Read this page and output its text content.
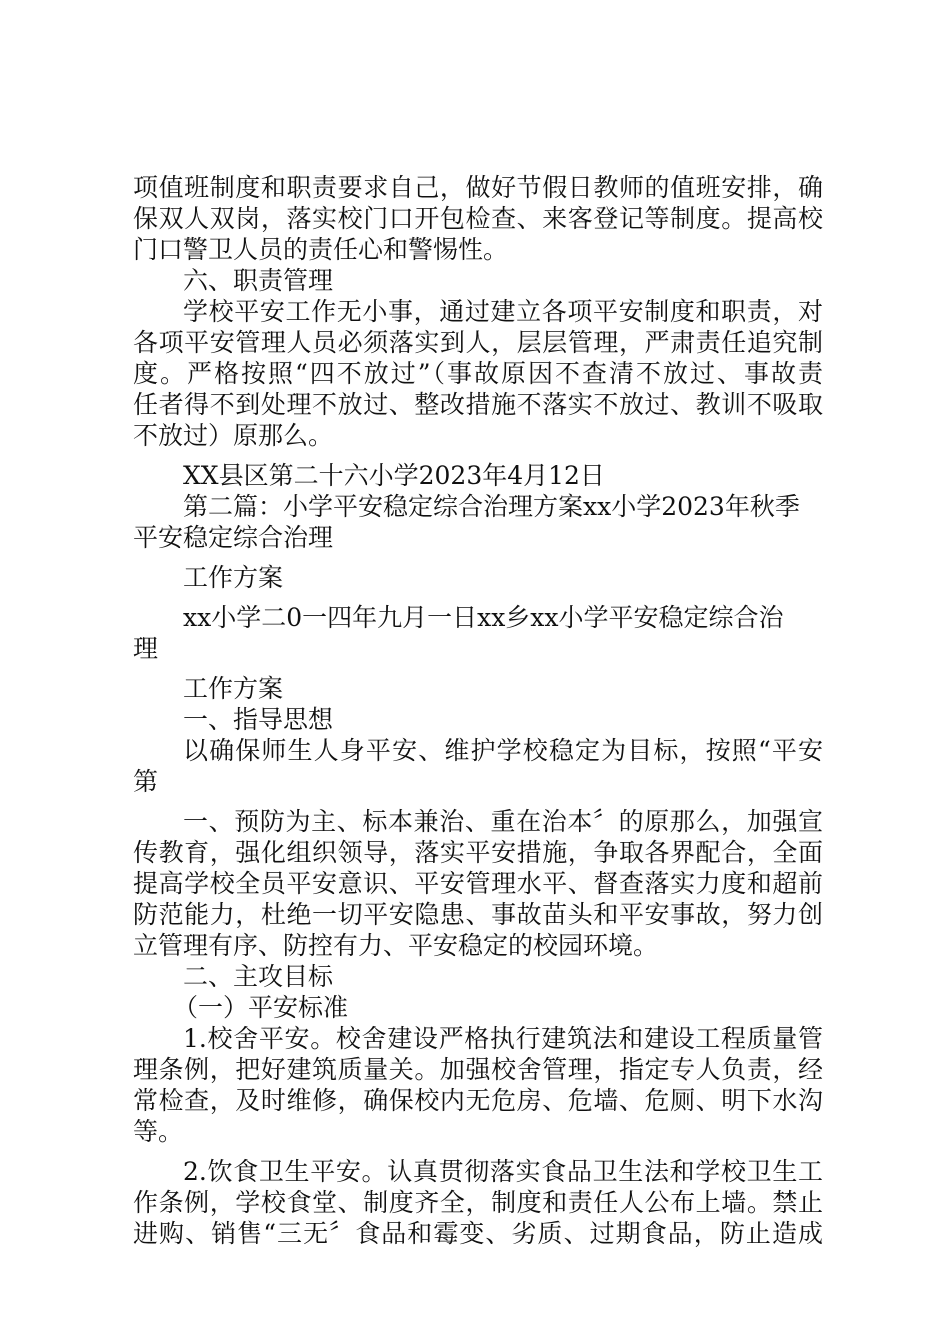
项值班制度和职责要求自己，做好节假日教师的值班安排，确
保双人双岗，落实校门口开包检查、来客登记等制度。提高校
门口警卫人员的责任心和警惕性。
六、职责管理
学校平安工作无小事，通过建立各项平安制度和职责，对
各项平安管理人员必须落实到人，层层管理，严肃责任追究制
度。严格按照“四不放过”（事故原因不查清不放过、事故责
任者得不到处理不放过、整改措施不落实不放过、教训不吸取
不放过）原那么。
XX县区第二十六小学2023年4月12日
第二篇：小学平安稳定综合治理方案xx小学2023年秋季
平安稳定综合治理
工作方案
xx小学二0一四年九月一日xx乡xx小学平安稳定综合治
理
工作方案
一、指导思想
以确保师生人身平安、维护学校稳定为目标，按照“平安
第
一、预防为主、标本兼治、重在治本〞的原那么，加强宣
传教育，强化组织领导，落实平安措施，争取各界配合，全面
提高学校全员平安意识、平安管理水平、督查落实力度和超前
防范能力，杜绝一切平安隐患、事故苗头和平安事故，努力创
立管理有序、防控有力、平安稳定的校园环境。
二、主攻目标
（一）平安标准
1.校舍平安。校舍建设严格执行建筑法和建设工程质量管
理条例，把好建筑质量关。加强校舍管理，指定专人负责，经
常检查，及时维修，确保校内无危房、危墙、危厕、明下水沟
等。
2.饮食卫生平安。认真贯彻落实食品卫生法和学校卫生工
作条例，学校食堂、制度齐全，制度和责任人公布上墙。禁止
进购、销售“三无〞食品和霉变、劣质、过期食品，防止造成
